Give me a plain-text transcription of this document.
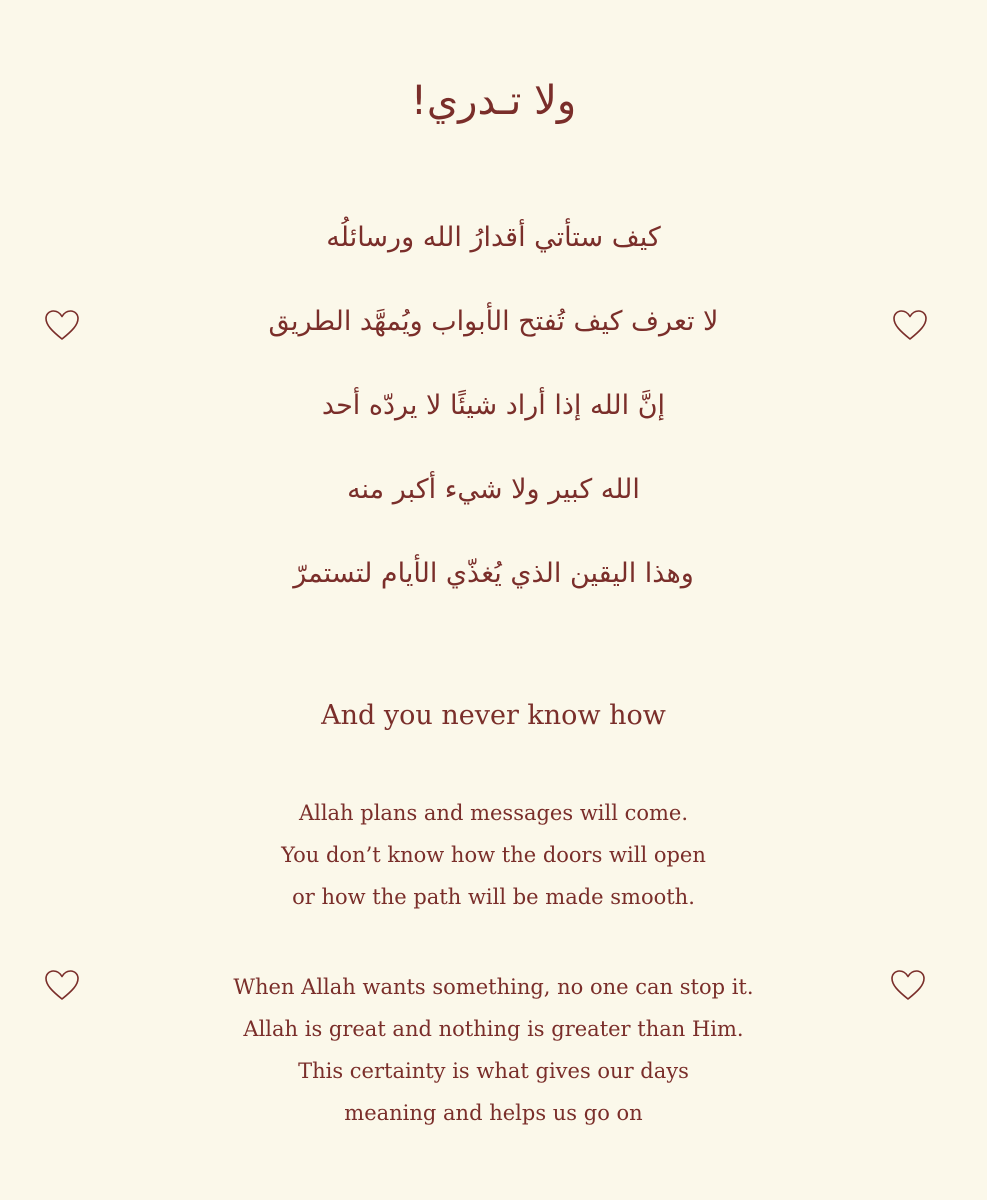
ولا تـدري!
كيف ستأتي أقدارُ الله ورسائلُه
لا تعرف كيف تُفتح الأبواب ويُمهَّد الطريق
إنَّ الله إذا أراد شيئًا لا يردّه أحد
الله كبير ولا شيء أكبر منه
وهذا اليقين الذي يُغذّي الأيام لتستمرّ
And you never know how
Allah plans and messages will come.
You don’t know how the doors will open
or how the path will be made smooth.
When Allah wants something, no one can stop it.
Allah is great and nothing is greater than Him.
This certainty is what gives our days
meaning and helps us go on
